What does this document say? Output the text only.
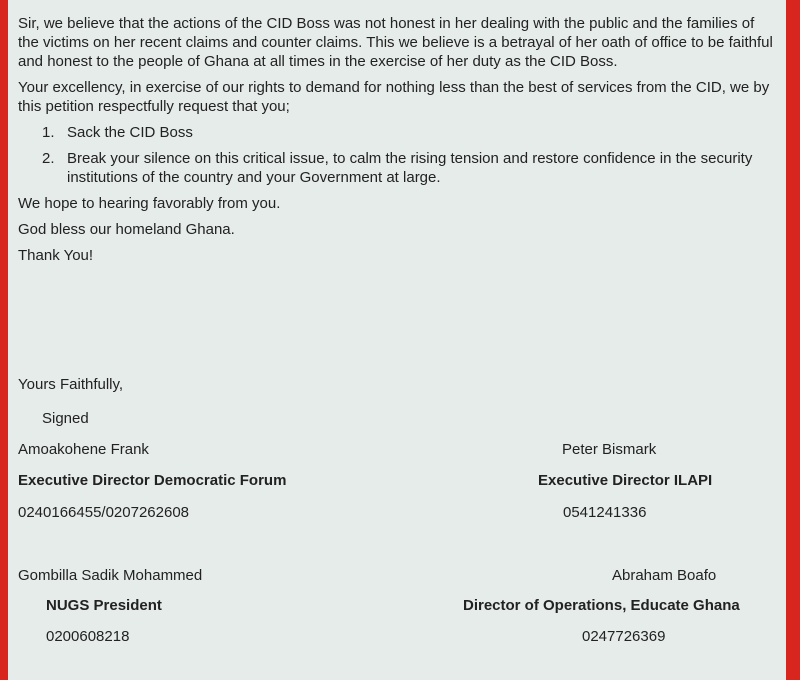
Sir, we believe that the actions of the CID Boss was not honest in her dealing with the public and the families of the victims on her recent claims and counter claims. This we believe is a betrayal of her oath of office to be faithful and honest to the people of Ghana at all times in the exercise of her duty as the CID Boss.

Your excellency, in exercise of our rights to demand for nothing less than the best of services from the CID, we by this petition respectfully request that you;

1. Sack the CID Boss
2. Break your silence on this critical issue, to calm the rising tension and restore confidence in the security institutions of the country and your Government at large.

We hope to hearing favorably from you.

God bless our homeland Ghana.

Thank You!

Yours Faithfully,
Signed
Amoakohene Frank
Executive Director Democratic Forum
0240166455/0207262608
Peter Bismark
Executive Director ILAPI
0541241336
Gombilla Sadik Mohammed
NUGS President
0200608218
Abraham Boafo
Director of Operations, Educate Ghana
0247726369
